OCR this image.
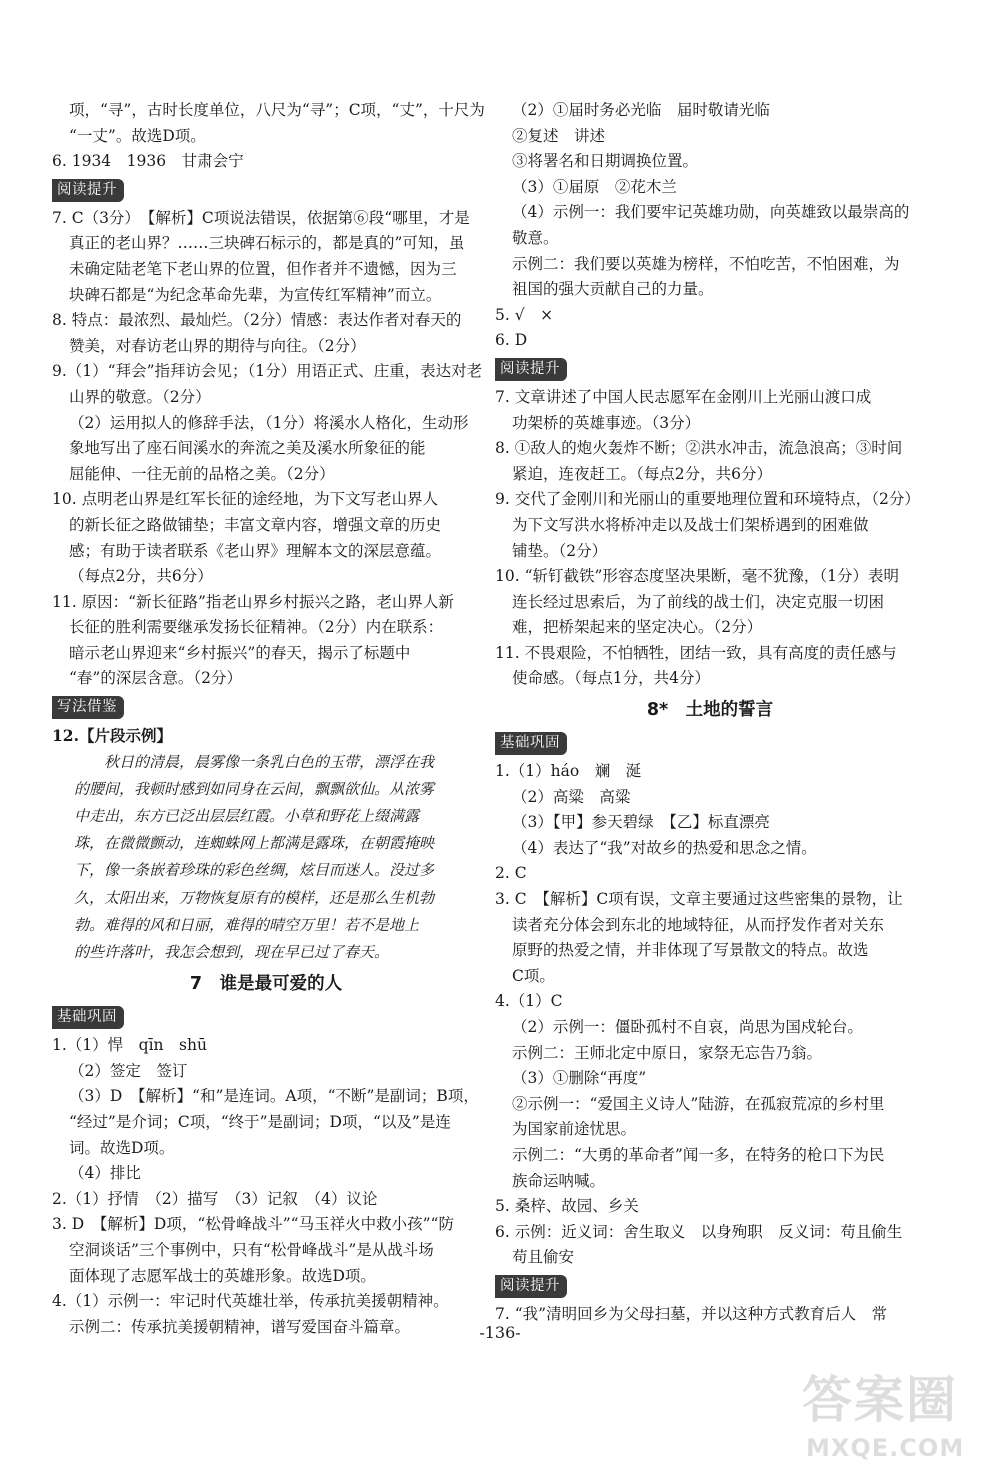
项，“寻”，古时长度单位，八尺为“寻”；C项，“丈”，十尺为
“一丈”。故选D项。
6. 1934　1936　甘肃会宁
阅读提升
7. C（3分）　【解析】C项说法错误，依据第⑥段“哪里，才是
真正的老山界？……三块碑石标示的，都是真的”可知，虽
未确定陆老笔下老山界的位置，但作者并不遗憾，因为三
块碑石都是“为纪念革命先辈，为宣传红军精神”而立。
8. 特点：最浓烈、最灿烂。（2分）情感：表达作者对春天的
赞美，对春访老山界的期待与向往。（2分）
9.（1）“拜会”指拜访会见；（1分）用语正式、庄重，表达对老
山界的敬意。（2分）
（2）运用拟人的修辞手法，（1分）将溪水人格化，生动形
象地写出了座石间溪水的奔流之美及溪水所象征的能
屈能伸、一往无前的品格之美。（2分）
10. 点明老山界是红军长征的途经地，为下文写老山界人
的新长征之路做铺垫；丰富文章内容，增强文章的历史
感；有助于读者联系《老山界》理解本文的深层意蕴。
（每点2分，共6分）
11. 原因：“新长征路”指老山界乡村振兴之路，老山界人新
长征的胜利需要继承发扬长征精神。（2分）内在联系：
暗示老山界迎来“乡村振兴”的春天，揭示了标题中
“春”的深层含意。（2分）
写法借鉴
12.【片段示例】
秋日的清晨，晨雾像一条乳白色的玉带，漂浮在我
的腰间，我顿时感到如同身在云间，飘飘欲仙。从浓雾
中走出，东方已泛出层层红霞。小草和野花上缀满露
珠，在微微颤动，连蜘蛛网上都满是露珠，在朝霞掩映
下，像一条嵌着珍珠的彩色丝绸，炫目而迷人。没过多
久，太阳出来，万物恢复原有的模样，还是那么生机勃
勃。难得的风和日丽，难得的晴空万里！若不是地上
的些许落叶，我怎会想到，现在早已过了春天。
7　谁是最可爱的人
基础巩固
1.（1）悍　qīn　shū
（2）签定　签订
（3）D　【解析】“和”是连词。A项，“不断”是副词；B项，
“经过”是介词；C项，“终于”是副词；D项，“以及”是连
词。故选D项。
（4）排比
2.（1）抒情　（2）描写　（3）记叙　（4）议论
3. D　【解析】D项，“松骨峰战斗”“马玉祥火中救小孩”“防
空洞谈话”三个事例中，只有“松骨峰战斗”是从战斗场
面体现了志愿军战士的英雄形象。故选D项。
4.（1）示例一：牢记时代英雄壮举，传承抗美援朝精神。
示例二：传承抗美援朝精神，谱写爱国奋斗篇章。
（2）①届时务必光临　届时敬请光临
②复述　讲述
③将署名和日期调换位置。
（3）①届原　②花木兰
（4）示例一：我们要牢记英雄功勋，向英雄致以最崇高的
敬意。
示例二：我们要以英雄为榜样，不怕吃苦，不怕困难，为
祖国的强大贡献自己的力量。
5. √　×
6. D
阅读提升
7. 文章讲述了中国人民志愿军在金刚川上光丽山渡口成
功架桥的英雄事迹。（3分）
8. ①敌人的炮火轰炸不断；②洪水冲击，流急浪高；③时间
紧迫，连夜赶工。（每点2分，共6分）
9. 交代了金刚川和光丽山的重要地理位置和环境特点，（2分）
为下文写洪水将桥冲走以及战士们架桥遇到的困难做
铺垫。（2分）
10. “斩钉截铁”形容态度坚决果断，毫不犹豫，（1分）表明
连长经过思索后，为了前线的战士们，决定克服一切困
难，把桥架起来的坚定决心。（2分）
11. 不畏艰险，不怕牺牲，团结一致，具有高度的责任感与
使命感。（每点1分，共4分）
8*　土地的誓言
基础巩固
1.（1）háo　斓　涎
（2）高粱　高粱
（3）【甲】参天碧绿　【乙】标直漂亮
（4）表达了“我”对故乡的热爱和思念之情。
2. C
3. C　【解析】C项有误，文章主要通过这些密集的景物，让
读者充分体会到东北的地域特征，从而抒发作者对关东
原野的热爱之情，并非体现了写景散文的特点。故选
C项。
4.（1）C
（2）示例一：僵卧孤村不自哀，尚思为国戍轮台。
示例二：王师北定中原日，家祭无忘告乃翁。
（3）①删除“再度”
②示例一：“爱国主义诗人”陆游，在孤寂荒凉的乡村里
为国家前途忧思。
示例二：“大勇的革命者”闻一多，在特务的枪口下为民
族命运呐喊。
5. 桑梓、故园、乡关
6. 示例：近义词：舍生取义　以身殉职　反义词：苟且偷生
苟且偷安
阅读提升
7. “我”清明回乡为父母扫墓，并以这种方式教育后人　常
-136-
答案圈
MXQE.COM
